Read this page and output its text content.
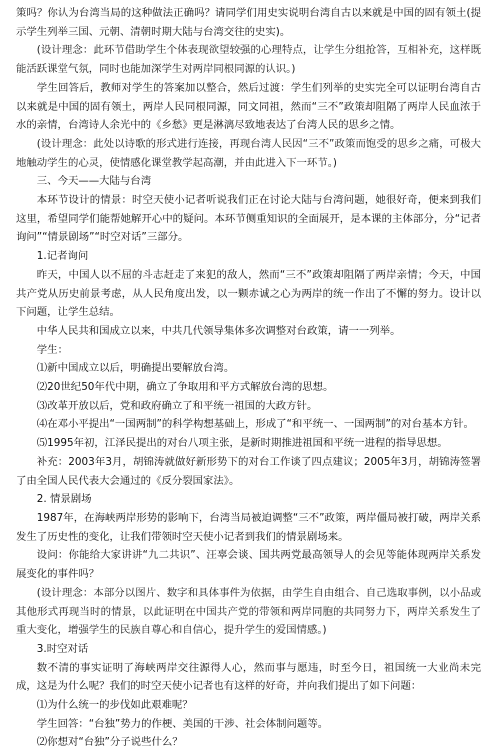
策吗？你认为台湾当局的这种做法正确吗？请同学们用史实说明台湾自古以来就是中国的固有领土(提示学生列举三国、元朝、清朝时期大陆与台湾交往的史实)。

(设计理念：此环节借助学生个体表现欲望较强的心理特点，让学生分组抢答，互相补充，这样既能活跃课堂气氛，同时也能加深学生对两岸同根同源的认识。)

学生回答后，教师对学生的答案加以整合，然后过渡：学生们列举的史实完全可以证明台湾自古以来就是中国的固有领土，两岸人民同根同源，同文同祖，然而“三不”政策却阻隔了两岸人民血浓于水的亲情，台湾诗人余光中的《乡愁》更是淋漓尽致地表达了台湾人民的思乡之情。

(设计理念：此处以诗歌的形式进行连接，再现台湾人民因“三不”政策而饱受的思乡之痛，可极大地触动学生的心灵，使情感化课堂教学起高潮，并由此进入下一环节。)

三、今天——大陆与台湾

本环节设计的情景：时空天使小记者听说我们正在讨论大陆与台湾问题，她很好奇，便来到我们这里，希望同学们能帮她解开心中的疑问。本环节侧重知识的全面展开，是本课的主体部分，分“记者询问”“情景剧场”“时空对话”三部分。

1.记者询问

昨天，中国人以不屈的斗志赶走了来犯的敌人，然而“三不”政策却阻隔了两岸亲情；今天，中国共产党从历史前景考虑，从人民角度出发，以一颗赤诚之心为两岸的统一作出了不懈的努力。设计以下问题，让学生总结。

中华人民共和国成立以来，中共几代领导集体多次调整对台政策，请一一列举。

学生：

⑴新中国成立以后，明确提出要解放台湾。

⑵20世纪50年代中期，确立了争取用和平方式解放台湾的思想。

⑶改革开放以后，党和政府确立了和平统一祖国的大政方针。

⑷在邓小平提出“一国两制”的科学构想基础上，形成了“和平统一、一国两制”的对台基本方针。

⑸1995年初，江泽民提出的对台八项主张，是新时期推进祖国和平统一进程的指导思想。

补充：2003年3月，胡锦涛就做好新形势下的对台工作谈了四点建议；2005年3月，胡锦涛签署了由全国人民代表大会通过的《反分裂国家法》。

2. 情景剧场

1987年，在海峡两岸形势的影响下，台湾当局被迫调整“三不”政策，两岸僵局被打破，两岸关系发生了历史性的变化，让我们带领时空天使小记者到我们的情景剧场来。

设问：你能给大家讲讲“九二共识”、汪辜会谈、国共两党最高领导人的会见等能体现两岸关系发展变化的事件吗？

(设计理念：本部分以图片、数字和具体事件为依据，由学生自由组合、自己选取事例，以小品或其他形式再现当时的情景，以此证明在中国共产党的带领和两岸同胞的共同努力下，两岸关系发生了重大变化，增强学生的民族自尊心和自信心，提升学生的爱国情感。)

3.时空对话

数不清的事实证明了海峡两岸交往源得人心，然而事与愿违，时至今日，祖国统一大业尚未完成，这是为什么呢？我们的时空天使小记者也有这样的好奇，并向我们提出了如下问题：

⑴为什么统一的步伐如此艰难呢？

学生回答：“台独”势力的作梗、美国的干涉、社会体制问题等。

⑵你想对“台独”分子说些什么？
